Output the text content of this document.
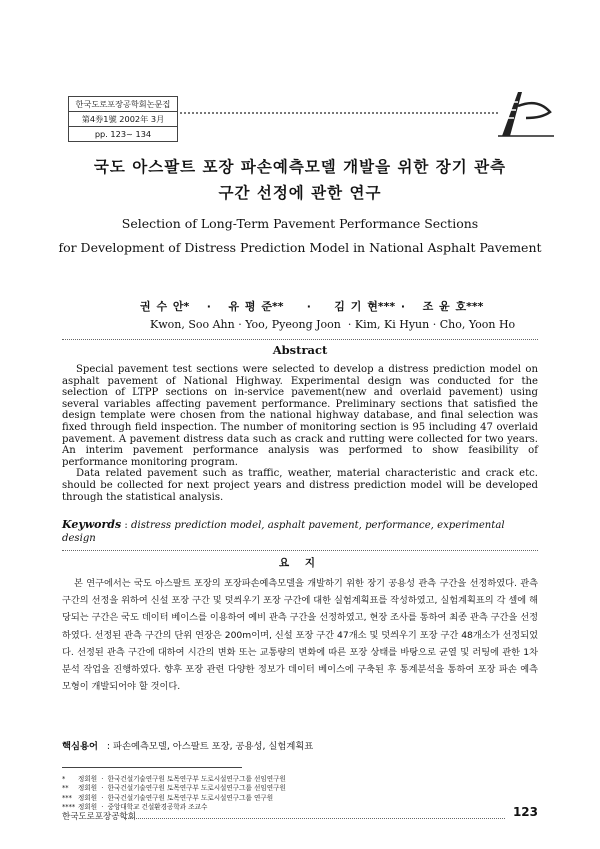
한국도로포장공학회논문집
第4券1號 2002年 3月
pp. 123~ 134
국도 아스팔트 포장 파손예측모델 개발을 위한 장기 관측
구간 선정에 관한 연구
Selection of Long-Term Pavement Performance Sections
for Development of Distress Prediction Model in National Asphalt Pavement
권 수 안*   ·   유 평 준**    ·    김 기 현*** ·   조 윤 호***
Kwon, Soo Ahn · Yoo, Pyeong Joon  · Kim, Ki Hyun · Cho, Yoon Ho
Abstract

Special pavement test sections were selected to develop a distress prediction model on asphalt pavement of National Highway. Experimental design was conducted for the selection of LTPP sections on in-service pavement(new and overlaid pavement) using several variables affecting pavement performance. Preliminary sections that satisfied the design template were chosen from the national highway database, and final selection was fixed through field inspection. The number of monitoring section is 95 including 47 overlaid pavement. A pavement distress data such as crack and rutting were collected for two years. An interim pavement performance analysis was performed to show feasibility of performance monitoring program.

Data related pavement such as traffic, weather, material characteristic and crack etc. should be collected for next project years and distress prediction model will be developed through the statistical analysis.

Keywords : distress prediction model, asphalt pavement, performance, experimental design
요 지

본 연구에서는 국도 아스팔트 포장의 포장파손예측모델을 개발하기 위한 장기 공용성 관측 구간을 선정하였다. 관측 구간의 선정을 위하여 신설 포장 구간 및 덧씌우기 포장 구간에 대한 실험계획표를 작성하였고, 실험계획표의 각 셀에 해당되는 구간은 국도 데이터 베이스를 이용하여 예비 관측 구간을 선정하였고, 현장 조사를 통하여 최종 관측 구간을 선정하였다. 선정된 관측 구간의 단위 연장은 200m이며, 신설 포장 구간 47개소 및 덧씌우기 포장 구간 48개소가 선정되었다. 선정된 관측 구간에 대하여 시간의 변화 또는 교통량의 변화에 따른 포장 상태를 바탕으로 균열 및 러팅에 관한 1차 분석 작업을 진행하였다. 향후 포장 관련 다양한 정보가 데이터 베이스에 구축된 후 통계분석을 통하여 포장 파손 예측 모형이 개발되어야 할 것이다.

핵심용어 : 파손예측모델, 아스팔트 포장, 공용성, 실험계획표
* 정회원  ·  한국건설기술연구원 토목연구부 도로시설연구그룹 선임연구원
** 정회원  ·  한국건설기술연구원 토목연구부 도로시설연구그룹 선임연구원
*** 정회원  ·  한국건설기술연구원 토목연구부 도로시설연구그룹 연구원
**** 정회원  ·  중앙대학교 건설환경공학과 조교수
한국도로포장공학회	123
